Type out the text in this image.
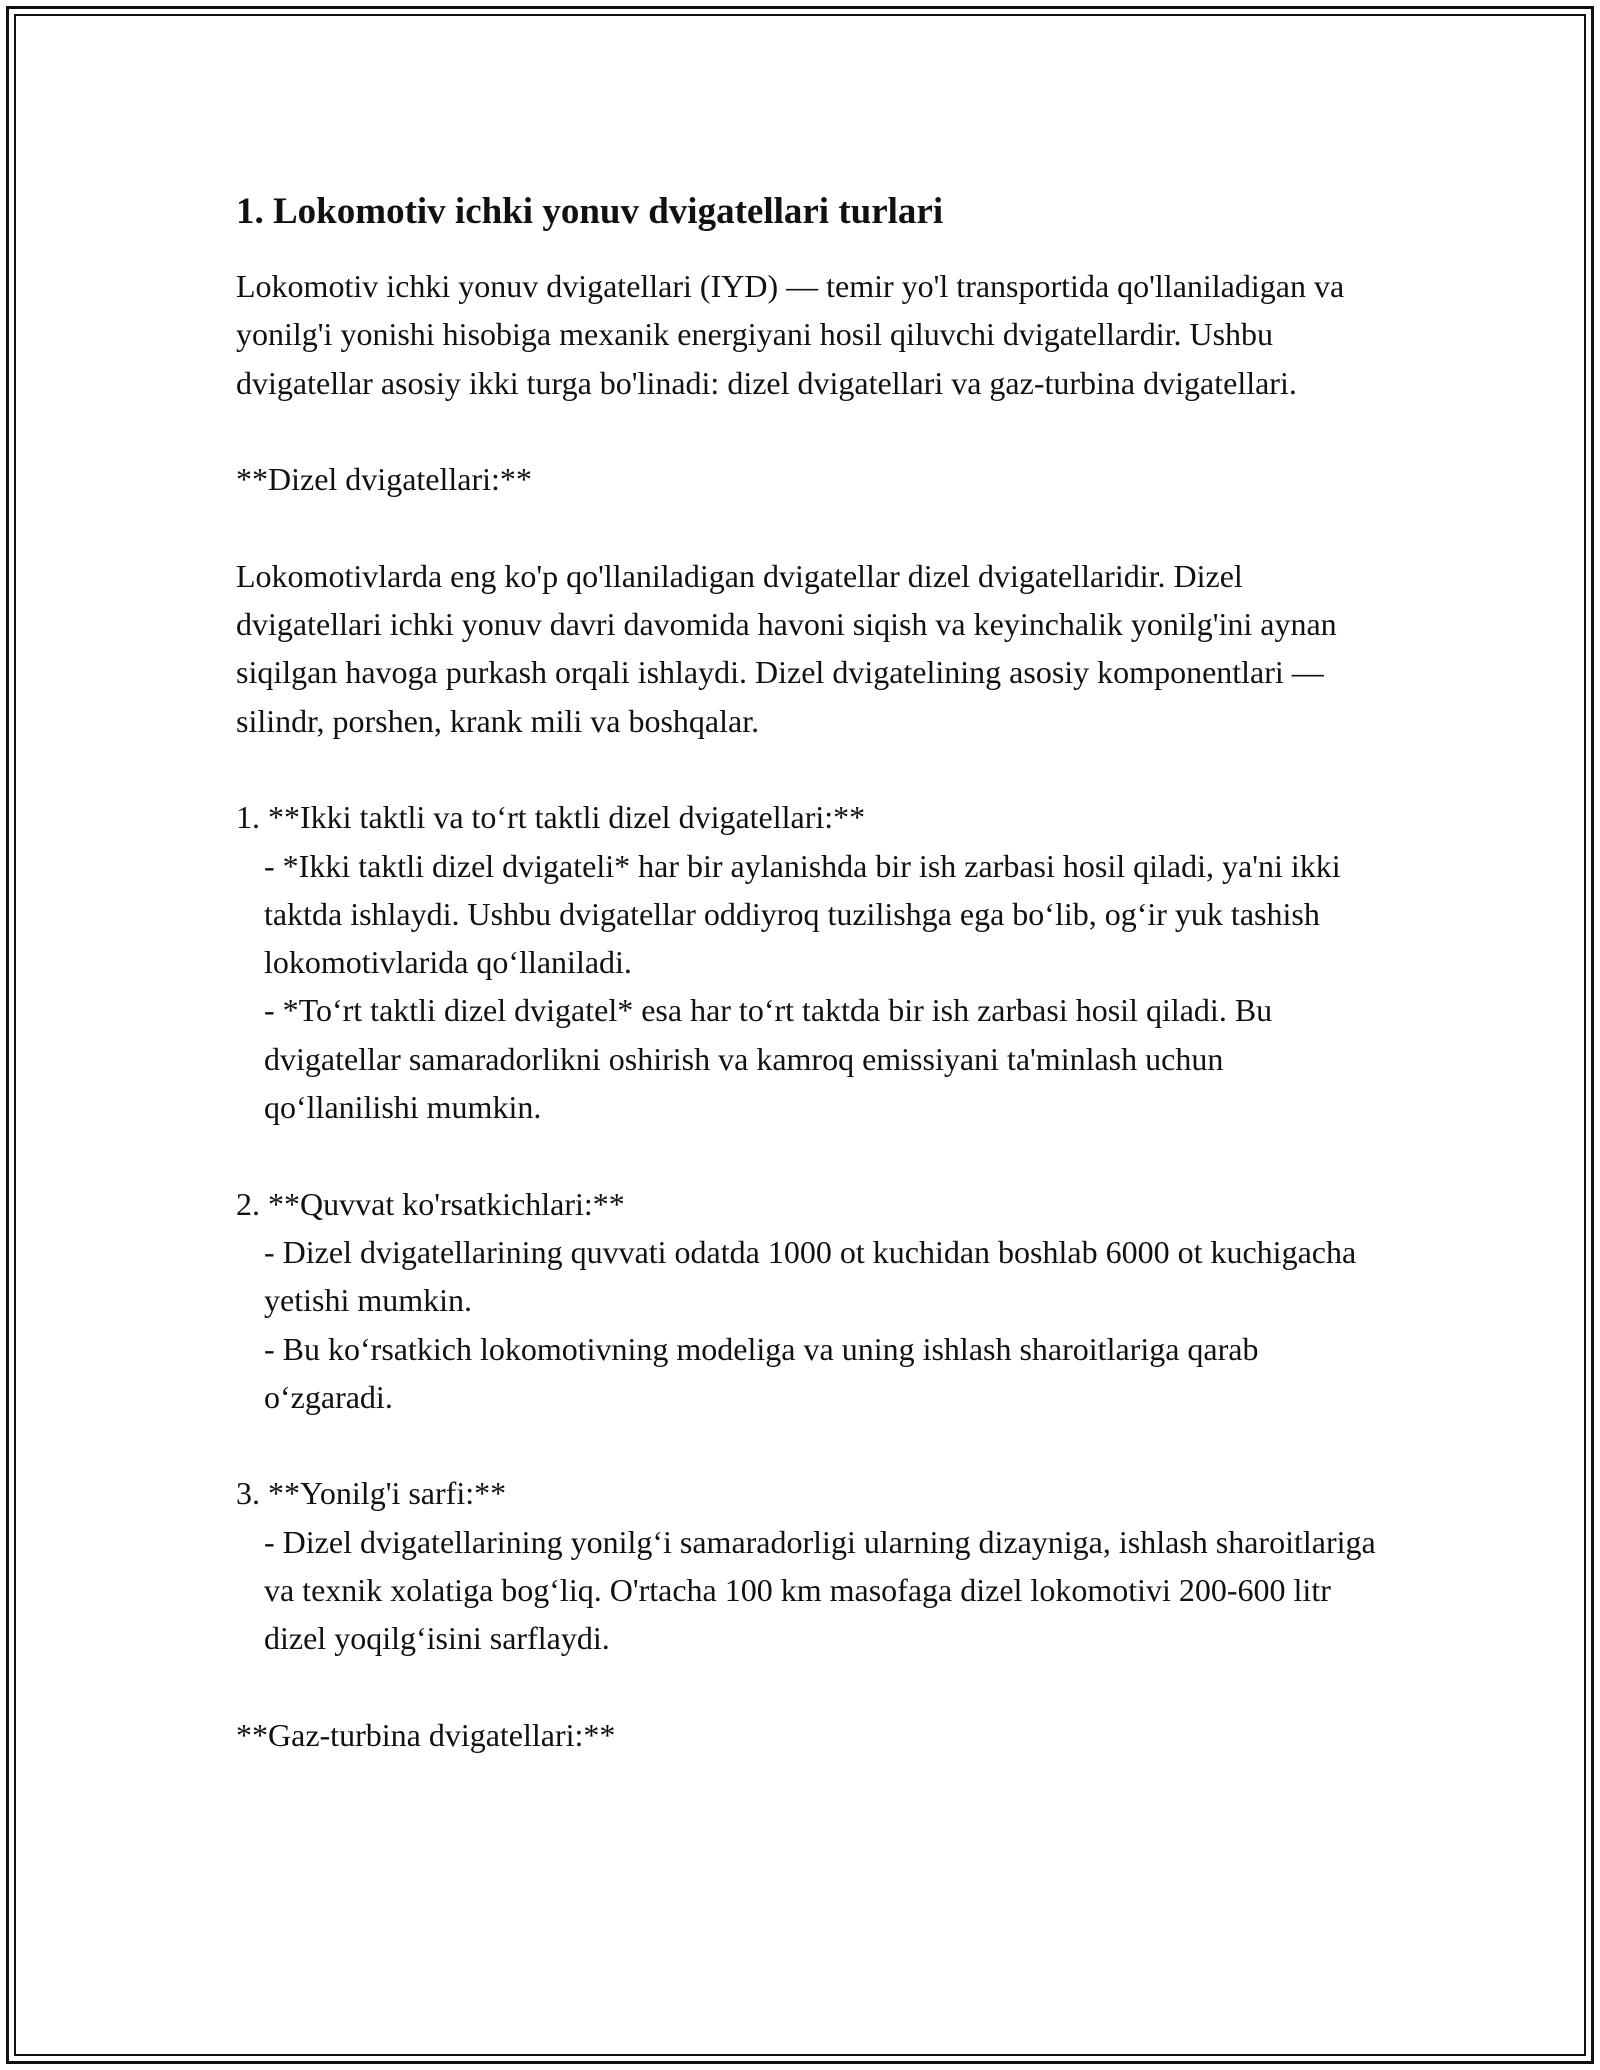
1. Lokomotiv ichki yonuv dvigatellari turlari

Lokomotiv ichki yonuv dvigatellari (IYD) — temir yo'l transportida qo'llaniladigan va yonilg'i yonishi hisobiga mexanik energiyani hosil qiluvchi dvigatellardir. Ushbu dvigatellar asosiy ikki turga bo'linadi: dizel dvigatellari va gaz-turbina dvigatellari.

**Dizel dvigatellari:**

Lokomotivlarda eng ko'p qo'llaniladigan dvigatellar dizel dvigatellaridir. Dizel dvigatellari ichki yonuv davri davomida havoni siqish va keyinchalik yonilg'ini aynan siqilgan havoga purkash orqali ishlaydi. Dizel dvigatelining asosiy komponentlari — silindr, porshen, krank mili va boshqalar.

1. **Ikki taktli va to‘rt taktli dizel dvigatellari:**

- *Ikki taktli dizel dvigateli* har bir aylanishda bir ish zarbasi hosil qiladi, ya'ni ikki taktda ishlaydi. Ushbu dvigatellar oddiyroq tuzilishga ega bo‘lib, og‘ir yuk tashish lokomotivlarida qo‘llaniladi.

- *To‘rt taktli dizel dvigatel* esa har to‘rt taktda bir ish zarbasi hosil qiladi. Bu dvigatellar samaradorlikni oshirish va kamroq emissiyani ta'minlash uchun qo‘llanilishi mumkin.

2. **Quvvat ko'rsatkichlari:**

- Dizel dvigatellarining quvvati odatda 1000 ot kuchidan boshlab 6000 ot kuchigacha yetishi mumkin.

- Bu ko‘rsatkich lokomotivning modeliga va uning ishlash sharoitlariga qarab o‘zgaradi.

3. **Yonilg'i sarfi:**

- Dizel dvigatellarining yonilg‘i samaradorligi ularning dizayniga, ishlash sharoitlariga va texnik xolatiga bog‘liq. O'rtacha 100 km masofaga dizel lokomotivi 200-600 litr dizel yoqilg‘isini sarflaydi.

**Gaz-turbina dvigatellari:**
